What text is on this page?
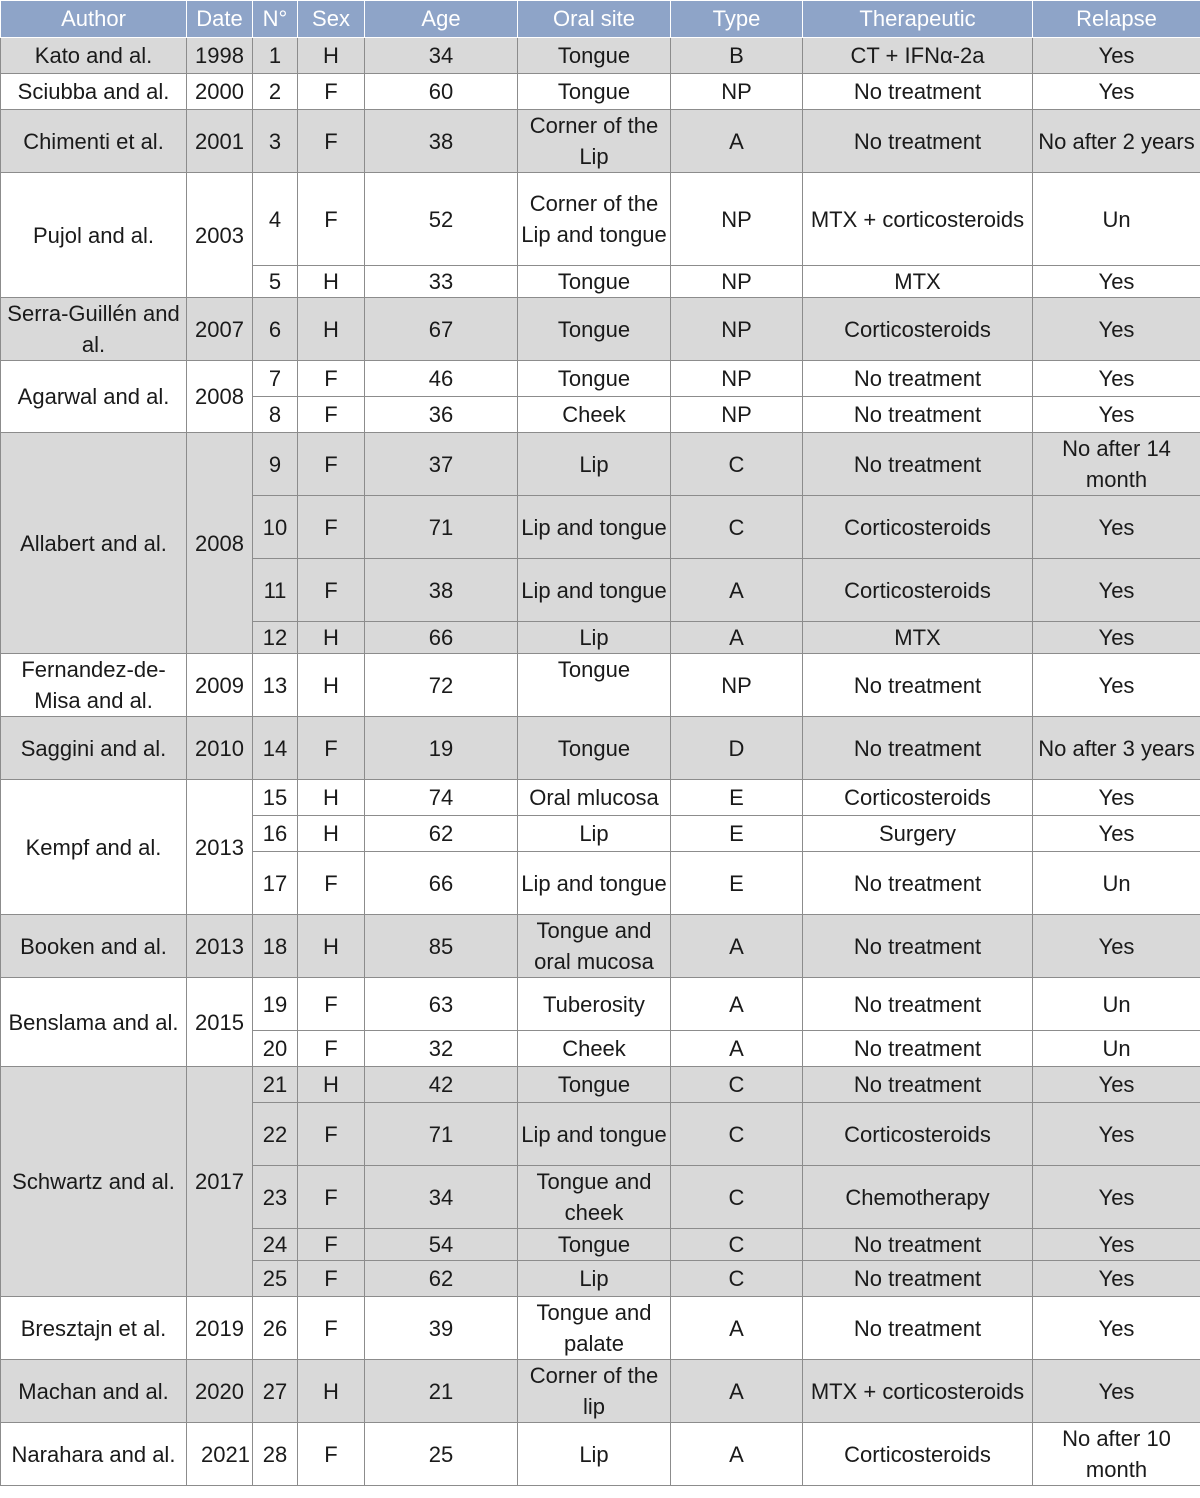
Author	Date	N°	Sex	Age	Oral site	Type	Therapeutic	Relapse
Kato and al.	1998	1	H	34	Tongue	B	CT + IFNα-2a	Yes
Sciubba and al.	2000	2	F	60	Tongue	NP	No treatment	Yes
Chimenti et al.	2001	3	F	38	Corner of the Lip	A	No treatment	No after 2 years
Pujol and al.	2003	4	F	52	Corner of the Lip and tongue	NP	MTX + corticosteroids	Un
		5	H	33	Tongue	NP	MTX	Yes
Serra-Guillén and al.	2007	6	H	67	Tongue	NP	Corticosteroids	Yes
Agarwal and al.	2008	7	F	46	Tongue	NP	No treatment	Yes
		8	F	36	Cheek	NP	No treatment	Yes
Allabert and al.	2008	9	F	37	Lip	C	No treatment	No after 14 month
		10	F	71	Lip and tongue	C	Corticosteroids	Yes
		11	F	38	Lip and tongue	A	Corticosteroids	Yes
		12	H	66	Lip	A	MTX	Yes
Fernandez-de-Misa and al.	2009	13	H	72	Tongue	NP	No treatment	Yes
Saggini and al.	2010	14	F	19	Tongue	D	No treatment	No after 3 years
Kempf and al.	2013	15	H	74	Oral mlucosa	E	Corticosteroids	Yes
		16	H	62	Lip	E	Surgery	Yes
		17	F	66	Lip and tongue	E	No treatment	Un
Booken and al.	2013	18	H	85	Tongue and oral mucosa	A	No treatment	Yes
Benslama and al.	2015	19	F	63	Tuberosity	A	No treatment	Un
		20	F	32	Cheek	A	No treatment	Un
Schwartz and al.	2017	21	H	42	Tongue	C	No treatment	Yes
		22	F	71	Lip and tongue	C	Corticosteroids	Yes
		23	F	34	Tongue and cheek	C	Chemotherapy	Yes
		24	F	54	Tongue	C	No treatment	Yes
		25	F	62	Lip	C	No treatment	Yes
Bresztajn et al.	2019	26	F	39	Tongue and palate	A	No treatment	Yes
Machan and al.	2020	27	H	21	Corner of the lip	A	MTX + corticosteroids	Yes
Narahara and al.	2021	28	F	25	Lip	A	Corticosteroids	No after 10 month
